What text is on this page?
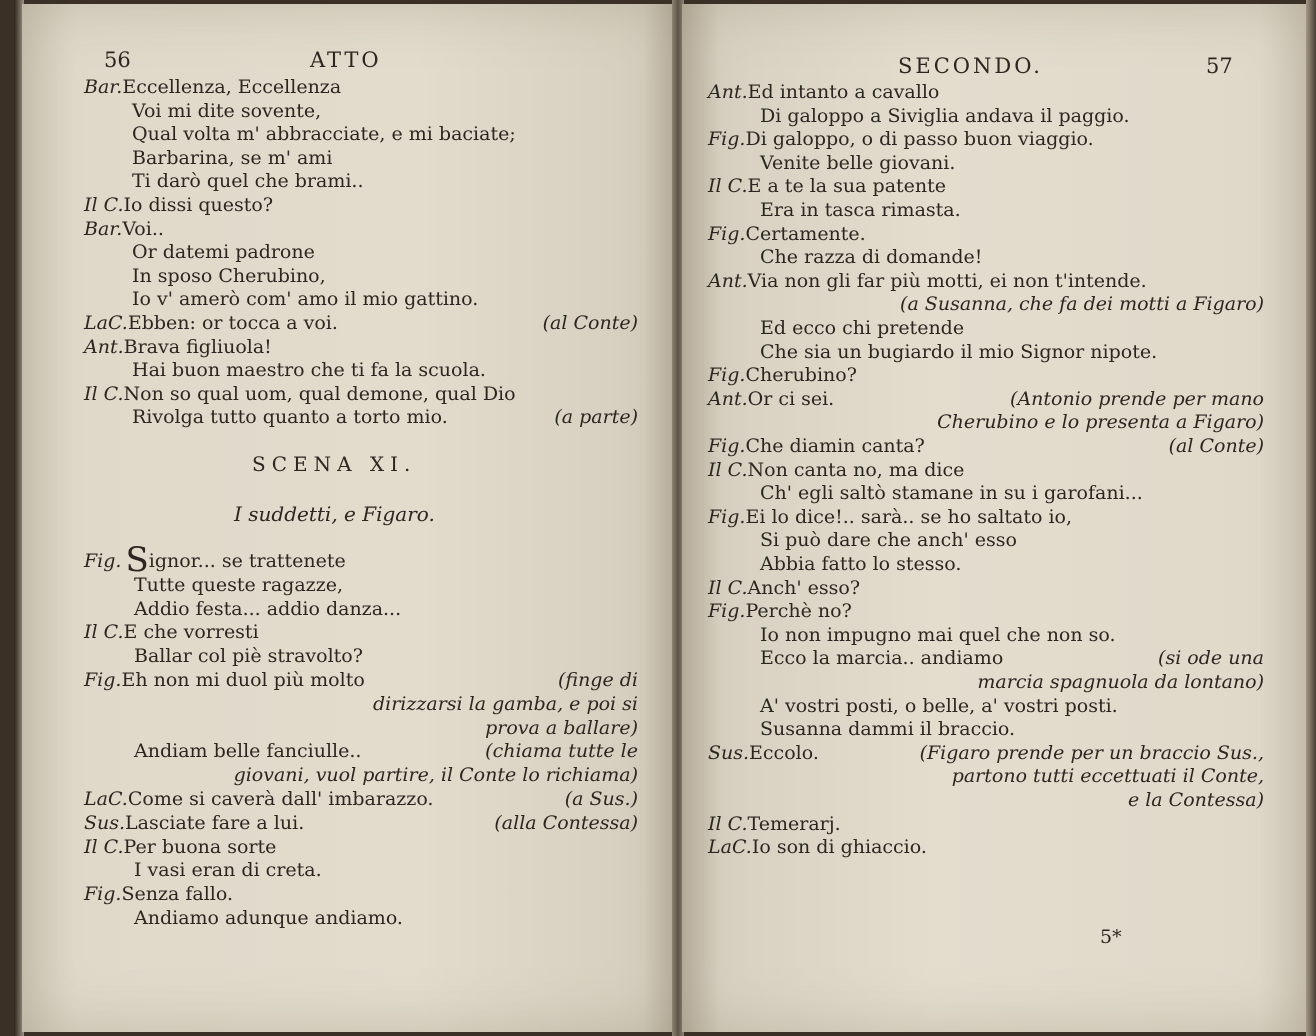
56	ATTO	SECONDO.	57
Bar.Eccellenza, Eccellenza
Voi mi dite sovente,
Qual volta m' abbracciate, e mi baciate;
Barbarina, se m' ami
Ti darò quel che brami..
Il C.Io dissi questo?
Bar.Voi..
Or datemi padrone
In sposo Cherubino,
Io v' amerò com' amo il mio gattino.
LaC.Ebben: or tocca a voi.	(al Conte)
Ant.Brava figliuola!
Hai buon maestro che ti fa la scuola.
Il C.Non so qual uom, qual demone, qual Dio
Rivolga tutto quanto a torto mio.	(a parte)
SCENA XI.
I suddetti, e Figaro.
Fig. Signor... se trattenete
Tutte queste ragazze,
Addio festa... addio danza...
Il C.E che vorresti
Ballar col piè stravolto?
Fig.Eh non mi duol più molto	(finge di
dirizzarsi la gamba, e poi si
prova a ballare)
Andiam belle fanciulle..	(chiama tutte le
giovani, vuol partire, il Conte lo richiama)
LaC.Come si caverà dall' imbarazzo.	(a Sus.)
Sus.Lasciate fare a lui.	(alla Contessa)
Il C.Per buona sorte
I vasi eran di creta.
Fig.Senza fallo.
Andiamo adunque andiamo.
Ant.Ed intanto a cavallo
Di galoppo a Siviglia andava il paggio.
Fig.Di galoppo, o di passo buon viaggio.
Venite belle giovani.
Il C.E a te la sua patente
Era in tasca rimasta.
Fig.Certamente.
Che razza di domande!
Ant.Via non gli far più motti, ei non t'intende.
(a Susanna, che fa dei motti a Figaro)
Ed ecco chi pretende
Che sia un bugiardo il mio Signor nipote.
Fig.Cherubino?
Ant.Or ci sei.	(Antonio prende per mano
Cherubino e lo presenta a Figaro)
Fig.Che diamin canta?	(al Conte)
Il C.Non canta no, ma dice
Ch' egli saltò stamane in su i garofani...
Fig.Ei lo dice!.. sarà.. se ho saltato io,
Si può dare che anch' esso
Abbia fatto lo stesso.
Il C.Anch' esso?
Fig.Perchè no?
Io non impugno mai quel che non so.
Ecco la marcia.. andiamo	(si ode una
marcia spagnuola da lontano)
A' vostri posti, o belle, a' vostri posti.
Susanna dammi il braccio.
Sus.Eccolo.	(Figaro prende per un braccio Sus.,
partono tutti eccettuati il Conte,
e la Contessa)
Il C.Temerarj.
LaC.Io son di ghiaccio.
5*
